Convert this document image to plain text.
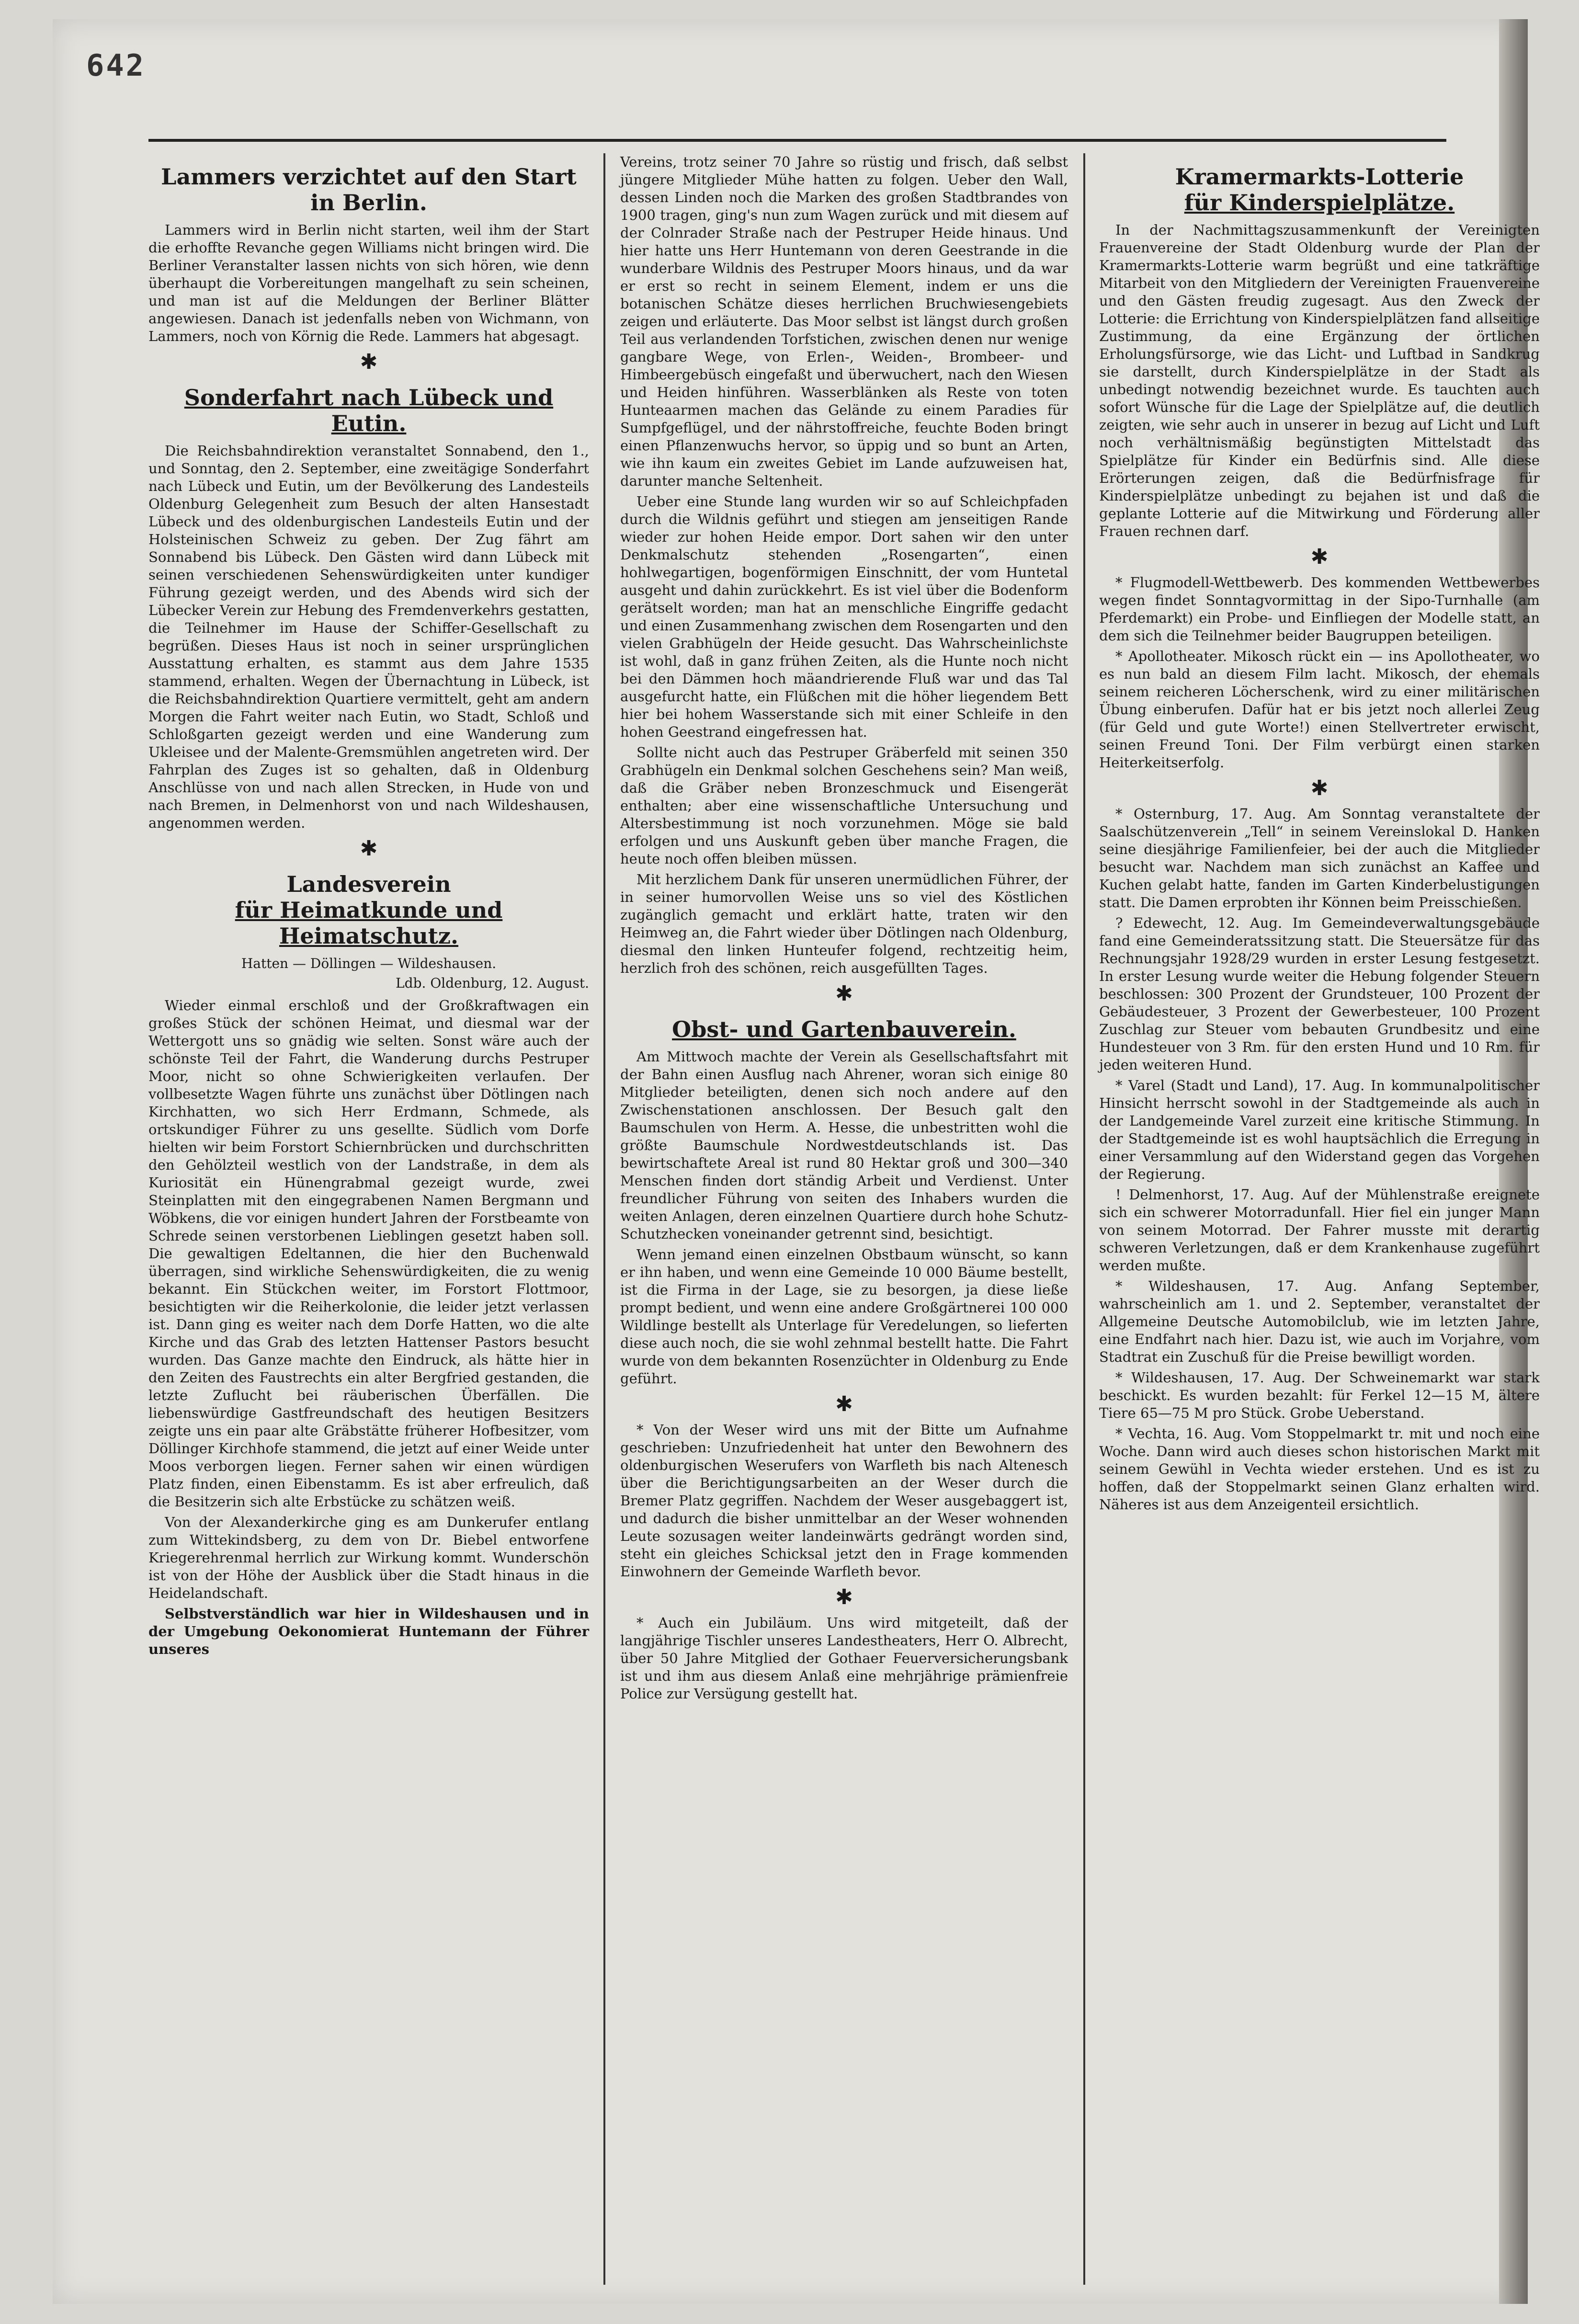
642
Lammers verzichtet auf den Start in Berlin.

Lammers wird in Berlin nicht starten, weil ihm der Start die erhoffte Revanche gegen Williams nicht bringen wird. Die Berliner Veranstalter lassen nichts von sich hören, wie denn überhaupt die Vorbereitungen mangelhaft zu sein scheinen, und man ist auf die Meldungen der Berliner Blätter angewiesen. Danach ist jedenfalls neben von Wichmann, von Lammers, noch von Körnig die Rede. Lammers hat abgesagt.

✱
Sonderfahrt nach Lübeck und Eutin.

Die Reichsbahndirektion veranstaltet Sonnabend, den 1., und Sonntag, den 2. September, eine zweitägige Sonderfahrt nach Lübeck und Eutin, um der Bevölkerung des Landesteils Oldenburg Gelegenheit zum Besuch der alten Hansestadt Lübeck und des oldenburgischen Landesteils Eutin und der Holsteinischen Schweiz zu geben. Der Zug fährt am Sonnabend bis Lübeck. Den Gästen wird dann Lübeck mit seinen verschiedenen Sehenswürdigkeiten unter kundiger Führung gezeigt werden, und des Abends wird sich der Lübecker Verein zur Hebung des Fremdenverkehrs gestatten, die Teilnehmer im Hause der Schiffer-Gesellschaft zu begrüßen. Dieses Haus ist noch in seiner ursprünglichen Ausstattung erhalten, es stammt aus dem Jahre 1535 stammend, erhalten. Wegen der Übernachtung in Lübeck, ist die Reichsbahndirektion Quartiere vermittelt, geht am andern Morgen die Fahrt weiter nach Eutin, wo Stadt, Schloß und Schloßgarten gezeigt werden und eine Wanderung zum Ukleisee und der Malente-Gremsmühlen angetreten wird. Der Fahrplan des Zuges ist so gehalten, daß in Oldenburg Anschlüsse von und nach allen Strecken, in Hude von und nach Bremen, in Delmenhorst von und nach Wildeshausen, angenommen werden.

✱
Landesverein
für Heimatkunde und Heimatschutz.
Hatten — Döllingen — Wildeshausen.
Ldb. Oldenburg, 12. August.

Wieder einmal erschloß und der Großkraftwagen ein großes Stück der schönen Heimat, und diesmal war der Wettergott uns so gnädig wie selten. Sonst wäre auch der schönste Teil der Fahrt, die Wanderung durchs Pestruper Moor, nicht so ohne Schwierigkeiten verlaufen. Der vollbesetzte Wagen führte uns zunächst über Dötlingen nach Kirchhatten, wo sich Herr Erdmann, Schmede, als ortskundiger Führer zu uns gesellte. Südlich vom Dorfe hielten wir beim Forstort Schiernbrücken und durchschritten den Gehölzteil westlich von der Landstraße, in dem als Kuriosität ein Hünengrabmal gezeigt wurde, zwei Steinplatten mit den eingegrabenen Namen Bergmann und Wöbkens, die vor einigen hundert Jahren der Forstbeamte von Schrede seinen verstorbenen Lieblingen gesetzt haben soll. Die gewaltigen Edeltannen, die hier den Buchenwald überragen, sind wirkliche Sehenswürdigkeiten, die zu wenig bekannt. Ein Stückchen weiter, im Forstort Flottmoor, besichtigten wir die Reiherkolonie, die leider jetzt verlassen ist. Dann ging es weiter nach dem Dorfe Hatten, wo die alte Kirche und das Grab des letzten Hattenser Pastors besucht wurden. Das Ganze machte den Eindruck, als hätte hier in den Zeiten des Faustrechts ein alter Bergfried gestanden, die letzte Zuflucht bei räuberischen Überfällen. Die liebenswürdige Gastfreundschaft des heutigen Besitzers zeigte uns ein paar alte Gräbstätte früherer Hofbesitzer, vom Döllinger Kirchhofe stammend, die jetzt auf einer Weide unter Moos verborgen liegen. Ferner sahen wir einen würdigen Platz finden, einen Eibenstamm. Es ist aber erfreulich, daß die Besitzerin sich alte Erbstücke zu schätzen weiß.

Von der Alexanderkirche ging es am Dunkerufer entlang zum Wittekindsberg, zu dem von Dr. Biebel entworfene Kriegerehrenmal herrlich zur Wirkung kommt. Wunderschön ist von der Höhe der Ausblick über die Stadt hinaus in die Heidelandschaft.

Selbstverständlich war hier in Wildeshausen und in der Umgebung Oekonomierat Huntemann der Führer unseres

Vereins, trotz seiner 70 Jahre so rüstig und frisch, daß selbst jüngere Mitglieder Mühe hatten zu folgen. Ueber den Wall, dessen Linden noch die Marken des großen Stadtbrandes von 1900 tragen, ging's nun zum Wagen zurück und mit diesem auf der Colnrader Straße nach der Pestruper Heide hinaus. Und hier hatte uns Herr Huntemann von deren Geestrande in die wunderbare Wildnis des Pestruper Moors hinaus, und da war er erst so recht in seinem Element, indem er uns die botanischen Schätze dieses herrlichen Bruchwiesengebiets zeigen und erläuterte. Das Moor selbst ist längst durch großen Teil aus verlandenden Torfstichen, zwischen denen nur wenige gangbare Wege, von Erlen-, Weiden-, Brombeer- und Himbeergebüsch eingefaßt und überwuchert, nach den Wiesen und Heiden hinführen. Wasserblänken als Reste von toten Hunteaarmen machen das Gelände zu einem Paradies für Sumpfgeflügel, und der nährstoffreiche, feuchte Boden bringt einen Pflanzenwuchs hervor, so üppig und so bunt an Arten, wie ihn kaum ein zweites Gebiet im Lande aufzuweisen hat, darunter manche Seltenheit.

Ueber eine Stunde lang wurden wir so auf Schleichpfaden durch die Wildnis geführt und stiegen am jenseitigen Rande wieder zur hohen Heide empor. Dort sahen wir den unter Denkmalschutz stehenden „Rosengarten“, einen hohlwegartigen, bogenförmigen Einschnitt, der vom Huntetal ausgeht und dahin zurückkehrt. Es ist viel über die Bodenform gerätselt worden; man hat an menschliche Eingriffe gedacht und einen Zusammenhang zwischen dem Rosengarten und den vielen Grabhügeln der Heide gesucht. Das Wahrscheinlichste ist wohl, daß in ganz frühen Zeiten, als die Hunte noch nicht bei den Dämmen hoch mäandrierende Fluß war und das Tal ausgefurcht hatte, ein Flüßchen mit die höher liegendem Bett hier bei hohem Wasserstande sich mit einer Schleife in den hohen Geestrand eingefressen hat.

Sollte nicht auch das Pestruper Gräberfeld mit seinen 350 Grabhügeln ein Denkmal solchen Geschehens sein? Man weiß, daß die Gräber neben Bronzeschmuck und Eisengerät enthalten; aber eine wissenschaftliche Untersuchung und Altersbestimmung ist noch vorzunehmen. Möge sie bald erfolgen und uns Auskunft geben über manche Fragen, die heute noch offen bleiben müssen.

Mit herzlichem Dank für unseren unermüdlichen Führer, der in seiner humorvollen Weise uns so viel des Köstlichen zugänglich gemacht und erklärt hatte, traten wir den Heimweg an, die Fahrt wieder über Dötlingen nach Oldenburg, diesmal den linken Hunteufer folgend, rechtzeitig heim, herzlich froh des schönen, reich ausgefüllten Tages.

✱
Obst- und Gartenbauverein.

Am Mittwoch machte der Verein als Gesellschaftsfahrt mit der Bahn einen Ausflug nach Ahrener, woran sich einige 80 Mitglieder beteiligten, denen sich noch andere auf den Zwischenstationen anschlossen. Der Besuch galt den Baumschulen von Herm. A. Hesse, die unbestritten wohl die größte Baumschule Nordwestdeutschlands ist. Das bewirtschaftete Areal ist rund 80 Hektar groß und 300—340 Menschen finden dort ständig Arbeit und Verdienst. Unter freundlicher Führung von seiten des Inhabers wurden die weiten Anlagen, deren einzelnen Quartiere durch hohe Schutz-Schutzhecken voneinander getrennt sind, besichtigt.

Wenn jemand einen einzelnen Obstbaum wünscht, so kann er ihn haben, und wenn eine Gemeinde 10 000 Bäume bestellt, ist die Firma in der Lage, sie zu besorgen, ja diese ließe prompt bedient, und wenn eine andere Großgärtnerei 100 000 Wildlinge bestellt als Unterlage für Veredelungen, so lieferten diese auch noch, die sie wohl zehnmal bestellt hatte. Die Fahrt wurde von dem bekannten Rosenzüchter in Oldenburg zu Ende geführt.

✱

* Von der Weser wird uns mit der Bitte um Aufnahme geschrieben: Unzufriedenheit hat unter den Bewohnern des oldenburgischen Weserufers von Warfleth bis nach Altenesch über die Berichtigungsarbeiten an der Weser durch die Bremer Platz gegriffen. Nachdem der Weser ausgebaggert ist, und dadurch die bisher unmittelbar an der Weser wohnenden Leute sozusagen weiter landeinwärts gedrängt worden sind, steht ein gleiches Schicksal jetzt den in Frage kommenden Einwohnern der Gemeinde Warfleth bevor.

✱

* Auch ein Jubiläum. Uns wird mitgeteilt, daß der langjährige Tischler unseres Landestheaters, Herr O. Albrecht, über 50 Jahre Mitglied der Gothaer Feuerversicherungsbank ist und ihm aus diesem Anlaß eine mehrjährige prämienfreie Police zur Versügung gestellt hat.

Kramermarkts-Lotterie
für Kinderspielplätze.

In der Nachmittagszusammenkunft der Vereinigten Frauenvereine der Stadt Oldenburg wurde der Plan der Kramermarkts-Lotterie warm begrüßt und eine tatkräftige Mitarbeit von den Mitgliedern der Vereinigten Frauenvereine und den Gästen freudig zugesagt. Aus den Zweck der Lotterie: die Errichtung von Kinderspielplätzen fand allseitige Zustimmung, da eine Ergänzung der örtlichen Erholungsfürsorge, wie das Licht- und Luftbad in Sandkrug sie darstellt, durch Kinderspielplätze in der Stadt als unbedingt notwendig bezeichnet wurde. Es tauchten auch sofort Wünsche für die Lage der Spielplätze auf, die deutlich zeigten, wie sehr auch in unserer in bezug auf Licht und Luft noch verhältnismäßig begünstigten Mittelstadt das Spielplätze für Kinder ein Bedürfnis sind. Alle diese Erörterungen zeigen, daß die Bedürfnisfrage für Kinderspielplätze unbedingt zu bejahen ist und daß die geplante Lotterie auf die Mitwirkung und Förderung aller Frauen rechnen darf.

✱

* Flugmodell-Wettbewerb. Des kommenden Wettbewerbes wegen findet Sonntagvormittag in der Sipo-Turnhalle (am Pferdemarkt) ein Probe- und Einfliegen der Modelle statt, an dem sich die Teilnehmer beider Baugruppen beteiligen.

* Apollotheater. Mikosch rückt ein — ins Apollotheater, wo es nun bald an diesem Film lacht. Mikosch, der ehemals seinem reicheren Löcherschenk, wird zu einer militärischen Übung einberufen. Dafür hat er bis jetzt noch allerlei Zeug (für Geld und gute Worte!) einen Stellvertreter erwischt, seinen Freund Toni. Der Film verbürgt einen starken Heiterkeitserfolg.

✱

* Osternburg, 17. Aug. Am Sonntag veranstaltete der Saalschützenverein „Tell“ in seinem Vereinslokal D. Hanken seine diesjährige Familienfeier, bei der auch die Mitglieder besucht war. Nachdem man sich zunächst an Kaffee und Kuchen gelabt hatte, fanden im Garten Kinderbelustigungen statt. Die Damen erprobten ihr Können beim Preisschießen.

? Edewecht, 12. Aug. Im Gemeindeverwaltungsgebäude fand eine Gemeinderatssitzung statt. Die Steuersätze für das Rechnungsjahr 1928/29 wurden in erster Lesung festgesetzt. In erster Lesung wurde weiter die Hebung folgender Steuern beschlossen: 300 Prozent der Grundsteuer, 100 Prozent der Gebäudesteuer, 3 Prozent der Gewerbesteuer, 100 Prozent Zuschlag zur Steuer vom bebauten Grundbesitz und eine Hundesteuer von 3 Rm. für den ersten Hund und 10 Rm. für jeden weiteren Hund.

* Varel (Stadt und Land), 17. Aug. In kommunalpolitischer Hinsicht herrscht sowohl in der Stadtgemeinde als auch in der Landgemeinde Varel zurzeit eine kritische Stimmung. In der Stadtgemeinde ist es wohl hauptsächlich die Erregung in einer Versammlung auf den Widerstand gegen das Vorgehen der Regierung.

! Delmenhorst, 17. Aug. Auf der Mühlenstraße ereignete sich ein schwerer Motorradunfall. Hier fiel ein junger Mann von seinem Motorrad. Der Fahrer musste mit derartig schweren Verletzungen, daß er dem Krankenhause zugeführt werden mußte.

* Wildeshausen, 17. Aug. Anfang September, wahrscheinlich am 1. und 2. September, veranstaltet der Allgemeine Deutsche Automobilclub, wie im letzten Jahre, eine Endfahrt nach hier. Dazu ist, wie auch im Vorjahre, vom Stadtrat ein Zuschuß für die Preise bewilligt worden.

* Wildeshausen, 17. Aug. Der Schweinemarkt war stark beschickt. Es wurden bezahlt: für Ferkel 12—15 M, ältere Tiere 65—75 M pro Stück. Grobe Ueberstand.

* Vechta, 16. Aug. Vom Stoppelmarkt tr. mit und noch eine Woche. Dann wird auch dieses schon historischen Markt mit seinem Gewühl in Vechta wieder erstehen. Und es ist zu hoffen, daß der Stoppelmarkt seinen Glanz erhalten wird. Näheres ist aus dem Anzeigenteil ersichtlich.
